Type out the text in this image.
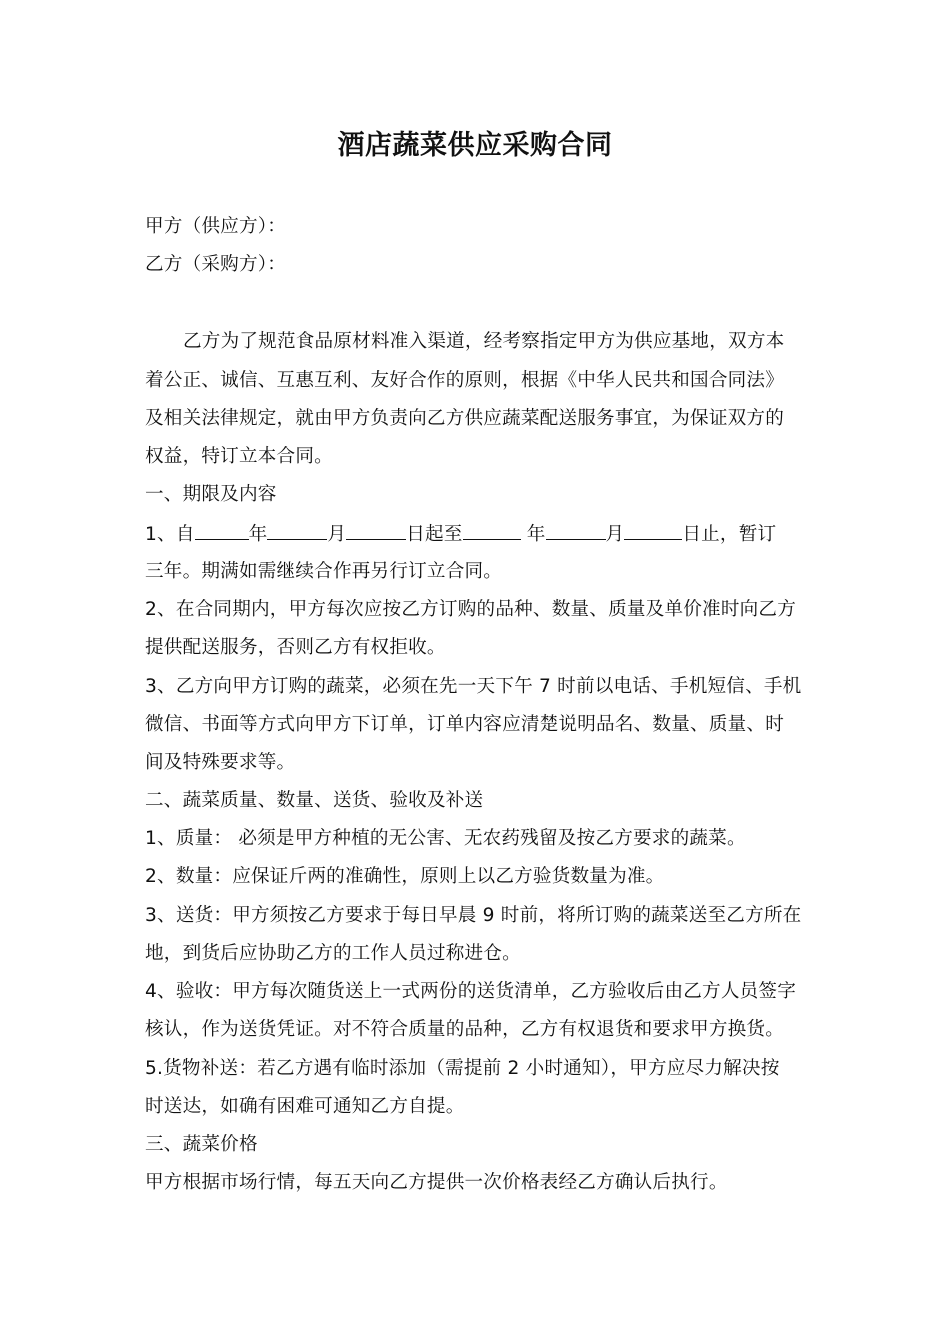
酒店蔬菜供应采购合同
甲方（供应方）：
乙方（采购方）：
乙方为了规范食品原材料准入渠道，经考察指定甲方为供应基地，双方本
着公正、诚信、互惠互利、友好合作的原则，根据《中华人民共和国合同法》
及相关法律规定，就由甲方负责向乙方供应蔬菜配送服务事宜，为保证双方的
权益，特订立本合同。
一、期限及内容
1、自	年	月	日起至	年	月	日止，暂订
三年。期满如需继续合作再另行订立合同。
2、在合同期内，甲方每次应按乙方订购的品种、数量、质量及单价准时向乙方
提供配送服务，否则乙方有权拒收。
3、乙方向甲方订购的蔬菜，必须在先一天下午 7 时前以电话、手机短信、手机
微信、书面等方式向甲方下订单，订单内容应清楚说明品名、数量、质量、时
间及特殊要求等。
二、蔬菜质量、数量、送货、验收及补送
1、质量： 必须是甲方种植的无公害、无农药残留及按乙方要求的蔬菜。
2、数量：应保证斤两的准确性，原则上以乙方验货数量为准。
3、送货：甲方须按乙方要求于每日早晨 9 时前，将所订购的蔬菜送至乙方所在
地，到货后应协助乙方的工作人员过称进仓。
4、验收：甲方每次随货送上一式两份的送货清单，乙方验收后由乙方人员签字
核认，作为送货凭证。对不符合质量的品种，乙方有权退货和要求甲方换货。
5.货物补送：若乙方遇有临时添加（需提前 2 小时通知），甲方应尽力解决按
时送达，如确有困难可通知乙方自提。
三、蔬菜价格
甲方根据市场行情，每五天向乙方提供一次价格表经乙方确认后执行。
